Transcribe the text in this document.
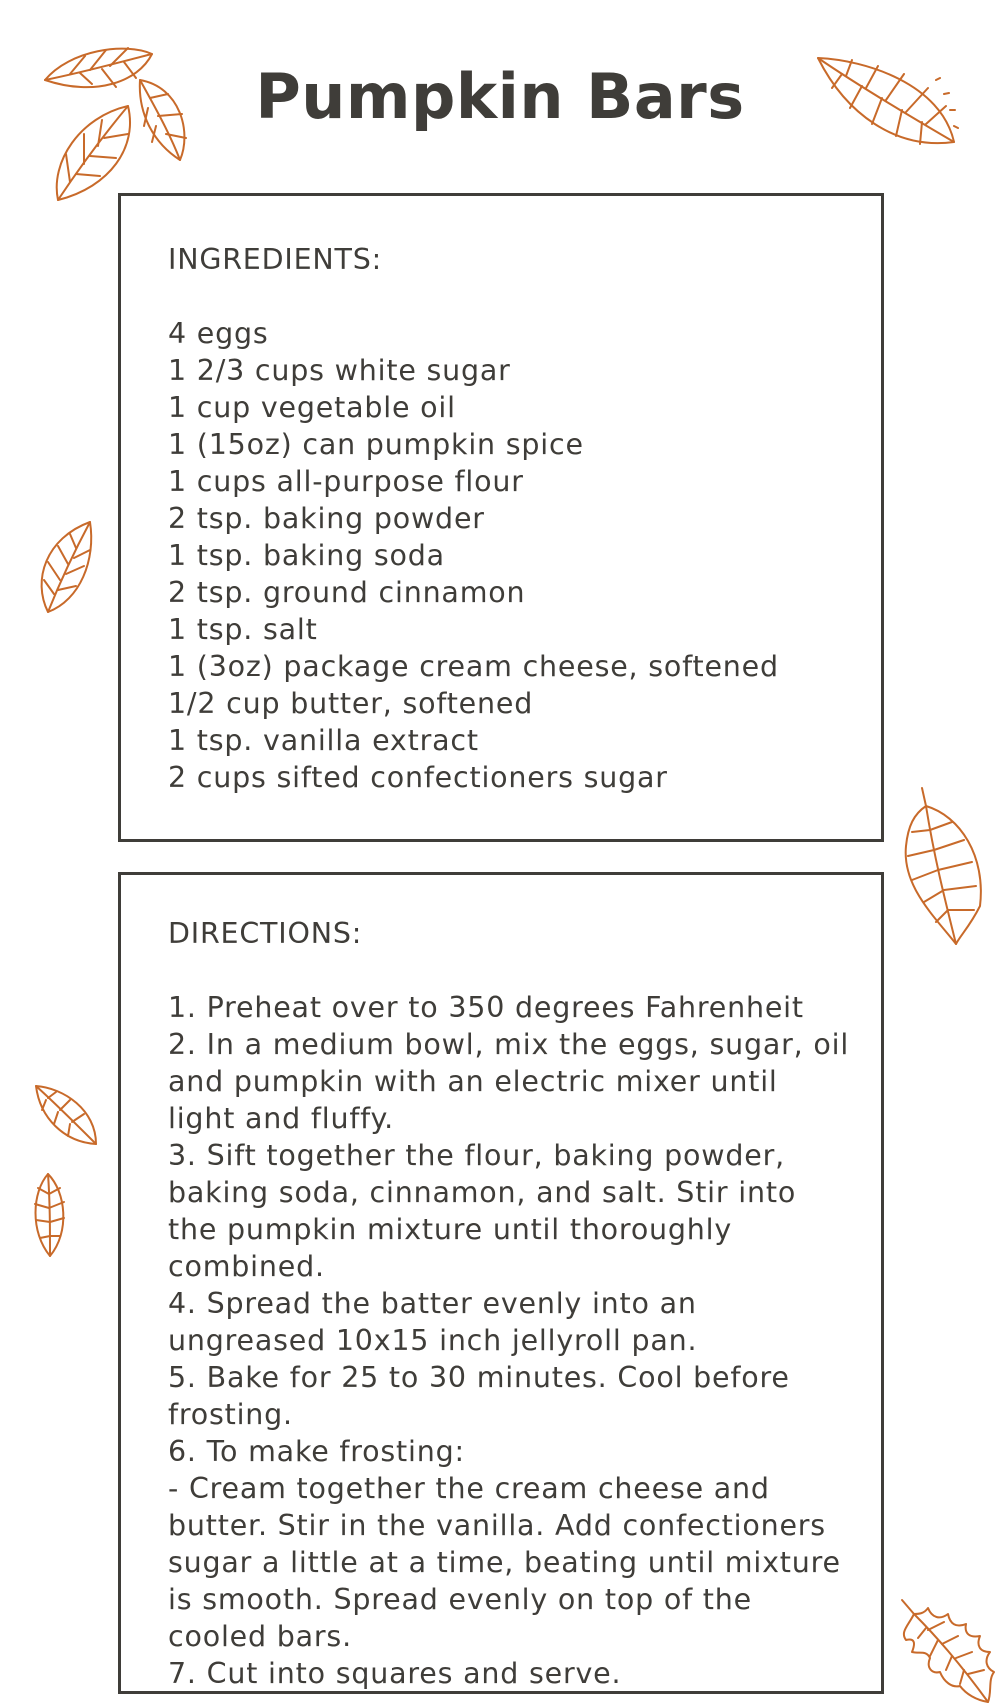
Pumpkin Bars
INGREDIENTS:
4 eggs
1 2/3 cups white sugar
1 cup vegetable oil
1 (15oz) can pumpkin spice
1 cups all-purpose flour
2 tsp. baking powder
1 tsp. baking soda
2 tsp. ground cinnamon
1 tsp. salt
1 (3oz) package cream cheese, softened
1/2 cup butter, softened
1 tsp. vanilla extract
2 cups sifted confectioners sugar
DIRECTIONS:
1. Preheat over to 350 degrees Fahrenheit
2. In a medium bowl, mix the eggs, sugar, oil and pumpkin with an electric mixer until light and fluffy.
3. Sift together the flour, baking powder, baking soda, cinnamon, and salt. Stir into the pumpkin mixture until thoroughly combined.
4. Spread the batter evenly into an ungreased 10x15 inch jellyroll pan.
5. Bake for 25 to 30 minutes. Cool before frosting.
6. To make frosting:
- Cream together the cream cheese and butter. Stir in the vanilla. Add confectioners sugar a little at a time, beating until mixture is smooth. Spread evenly on top of the cooled bars.
7. Cut into squares and serve.
